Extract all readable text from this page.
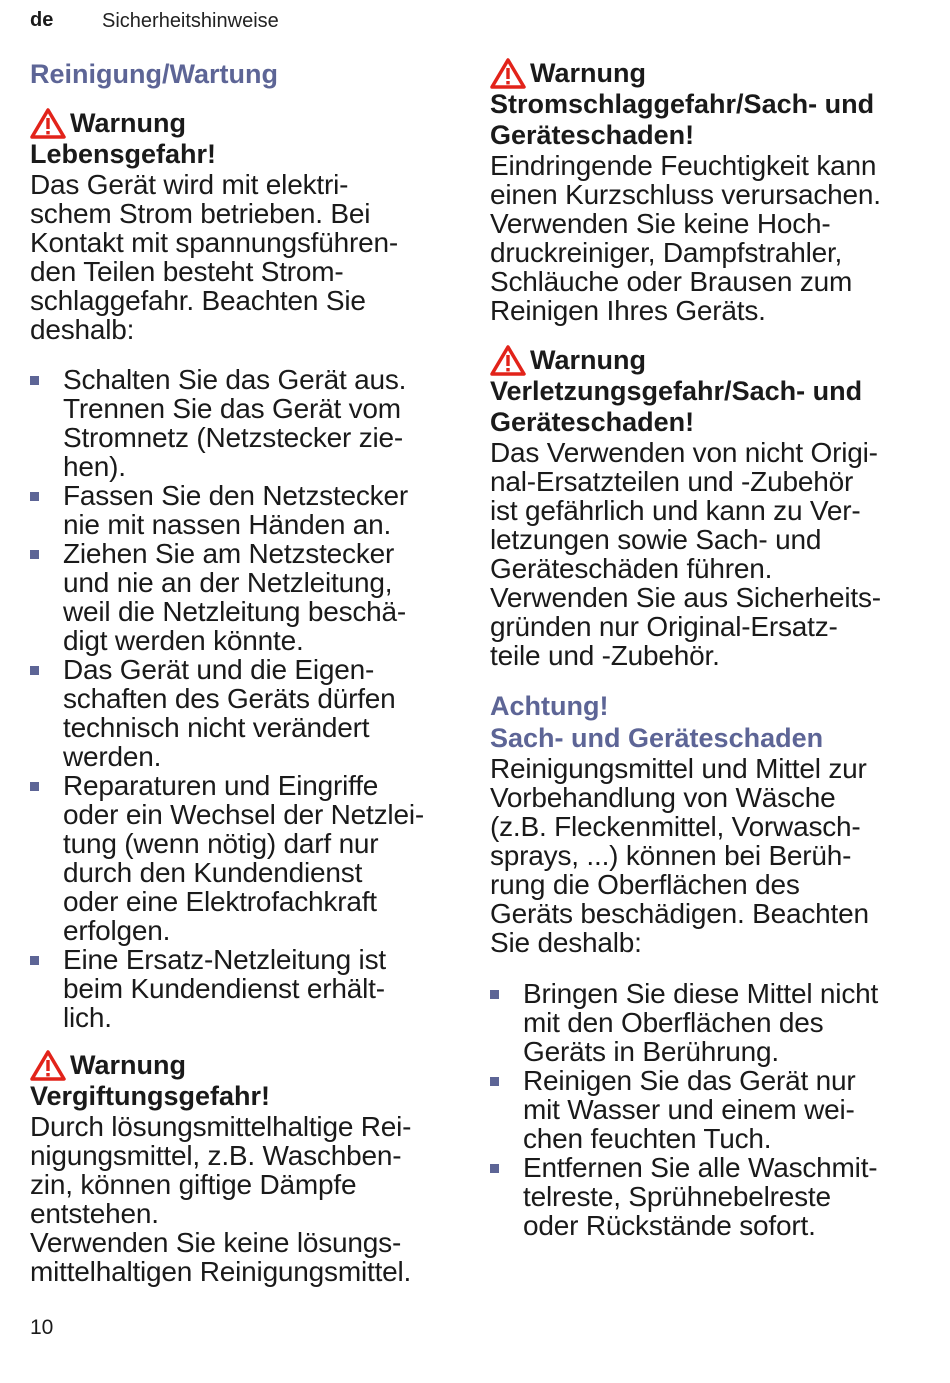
de Sicherheitshinweise
Reinigung/Wartung
Warnung
Lebensgefahr!
Das Gerät wird mit elektri-
schem Strom betrieben. Bei
Kontakt mit spannungsführen-
den Teilen besteht Strom-
schlaggefahr. Beachten Sie
deshalb:
Schalten Sie das Gerät aus.
Trennen Sie das Gerät vom
Stromnetz (Netzstecker zie-
hen).
Fassen Sie den Netzstecker
nie mit nassen Händen an.
Ziehen Sie am Netzstecker
und nie an der Netzleitung,
weil die Netzleitung beschä-
digt werden könnte.
Das Gerät und die Eigen-
schaften des Geräts dürfen
technisch nicht verändert
werden.
Reparaturen und Eingriffe
oder ein Wechsel der Netzlei-
tung (wenn nötig) darf nur
durch den Kundendienst
oder eine Elektrofachkraft
erfolgen.
Eine Ersatz-Netzleitung ist
beim Kundendienst erhält-
lich.
Warnung
Vergiftungsgefahr!
Durch lösungsmittelhaltige Rei-
nigungsmittel, z.B. Waschben-
zin, können giftige Dämpfe
entstehen.
Verwenden Sie keine lösungs-
mittelhaltigen Reinigungsmittel.
Warnung
Stromschlaggefahr/Sach- und
Geräteschaden!
Eindringende Feuchtigkeit kann
einen Kurzschluss verursachen.
Verwenden Sie keine Hoch-
druckreiniger, Dampfstrahler,
Schläuche oder Brausen zum
Reinigen Ihres Geräts.
Warnung
Verletzungsgefahr/Sach- und
Geräteschaden!
Das Verwenden von nicht Origi-
nal-Ersatzteilen und -Zubehör
ist gefährlich und kann zu Ver-
letzungen sowie Sach- und
Geräteschäden führen.
Verwenden Sie aus Sicherheits-
gründen nur Original-Ersatz-
teile und -Zubehör.
Achtung!
Sach- und Geräteschaden
Reinigungsmittel und Mittel zur
Vorbehandlung von Wäsche
(z.B. Fleckenmittel, Vorwasch-
sprays, ...) können bei Berüh-
rung die Oberflächen des
Geräts beschädigen. Beachten
Sie deshalb:
Bringen Sie diese Mittel nicht
mit den Oberflächen des
Geräts in Berührung.
Reinigen Sie das Gerät nur
mit Wasser und einem wei-
chen feuchten Tuch.
Entfernen Sie alle Waschmit-
telreste, Sprühnebelreste
oder Rückstände sofort.
10
